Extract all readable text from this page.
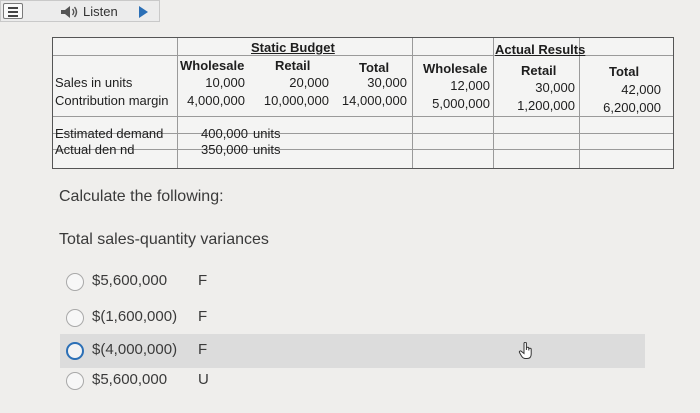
Listen
Static Budget	Actual Results
Wholesale Retail	Total	Wholesale	Retail	Total
Sales in units	10,000	20,000	30,000	12,000	30,000	42,000
Contribution margin 4,000,000 10,000,000 14,000,000 5,000,000 1,200,000 6,200,000
Estimated demand	400,000 units
Actual den nd	350,000 units
Calculate the following:
Total sales-quantity variances
$5,600,000 F
$(1,600,000) F
$(4,000,000) F
$5,600,000 U
